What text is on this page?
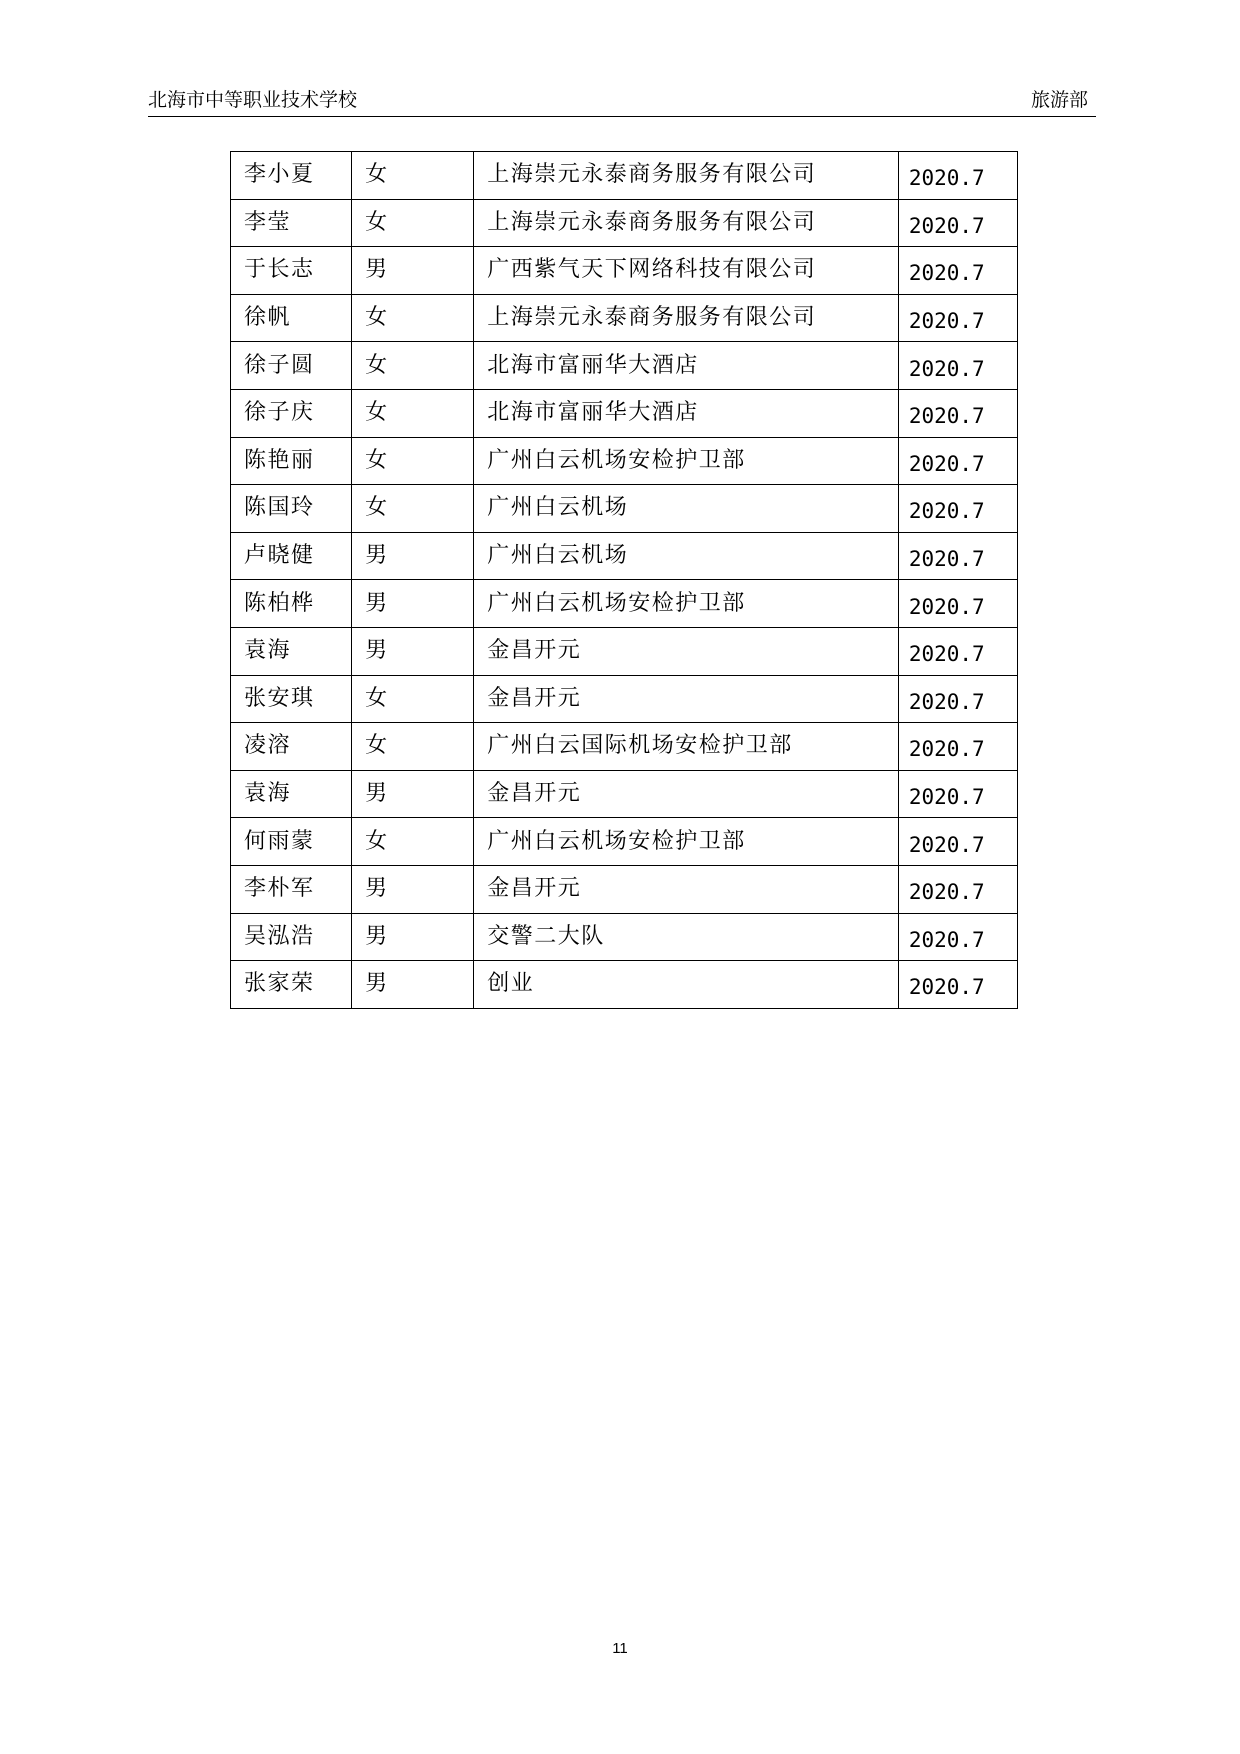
北海市中等职业技术学校	旅游部
李小夏	女	上海崇元永泰商务服务有限公司	2020.7
李莹	女	上海崇元永泰商务服务有限公司	2020.7
于长志	男	广西紫气天下网络科技有限公司	2020.7
徐帆	女	上海崇元永泰商务服务有限公司	2020.7
徐子圆	女	北海市富丽华大酒店	2020.7
徐子庆	女	北海市富丽华大酒店	2020.7
陈艳丽	女	广州白云机场安检护卫部	2020.7
陈国玲	女	广州白云机场	2020.7
卢晓健	男	广州白云机场	2020.7
陈柏桦	男	广州白云机场安检护卫部	2020.7
袁海	男	金昌开元	2020.7
张安琪	女	金昌开元	2020.7
凌溶	女	广州白云国际机场安检护卫部	2020.7
袁海	男	金昌开元	2020.7
何雨蒙	女	广州白云机场安检护卫部	2020.7
李朴军	男	金昌开元	2020.7
吴泓浩	男	交警二大队	2020.7
张家荣	男	创业	2020.7
11
